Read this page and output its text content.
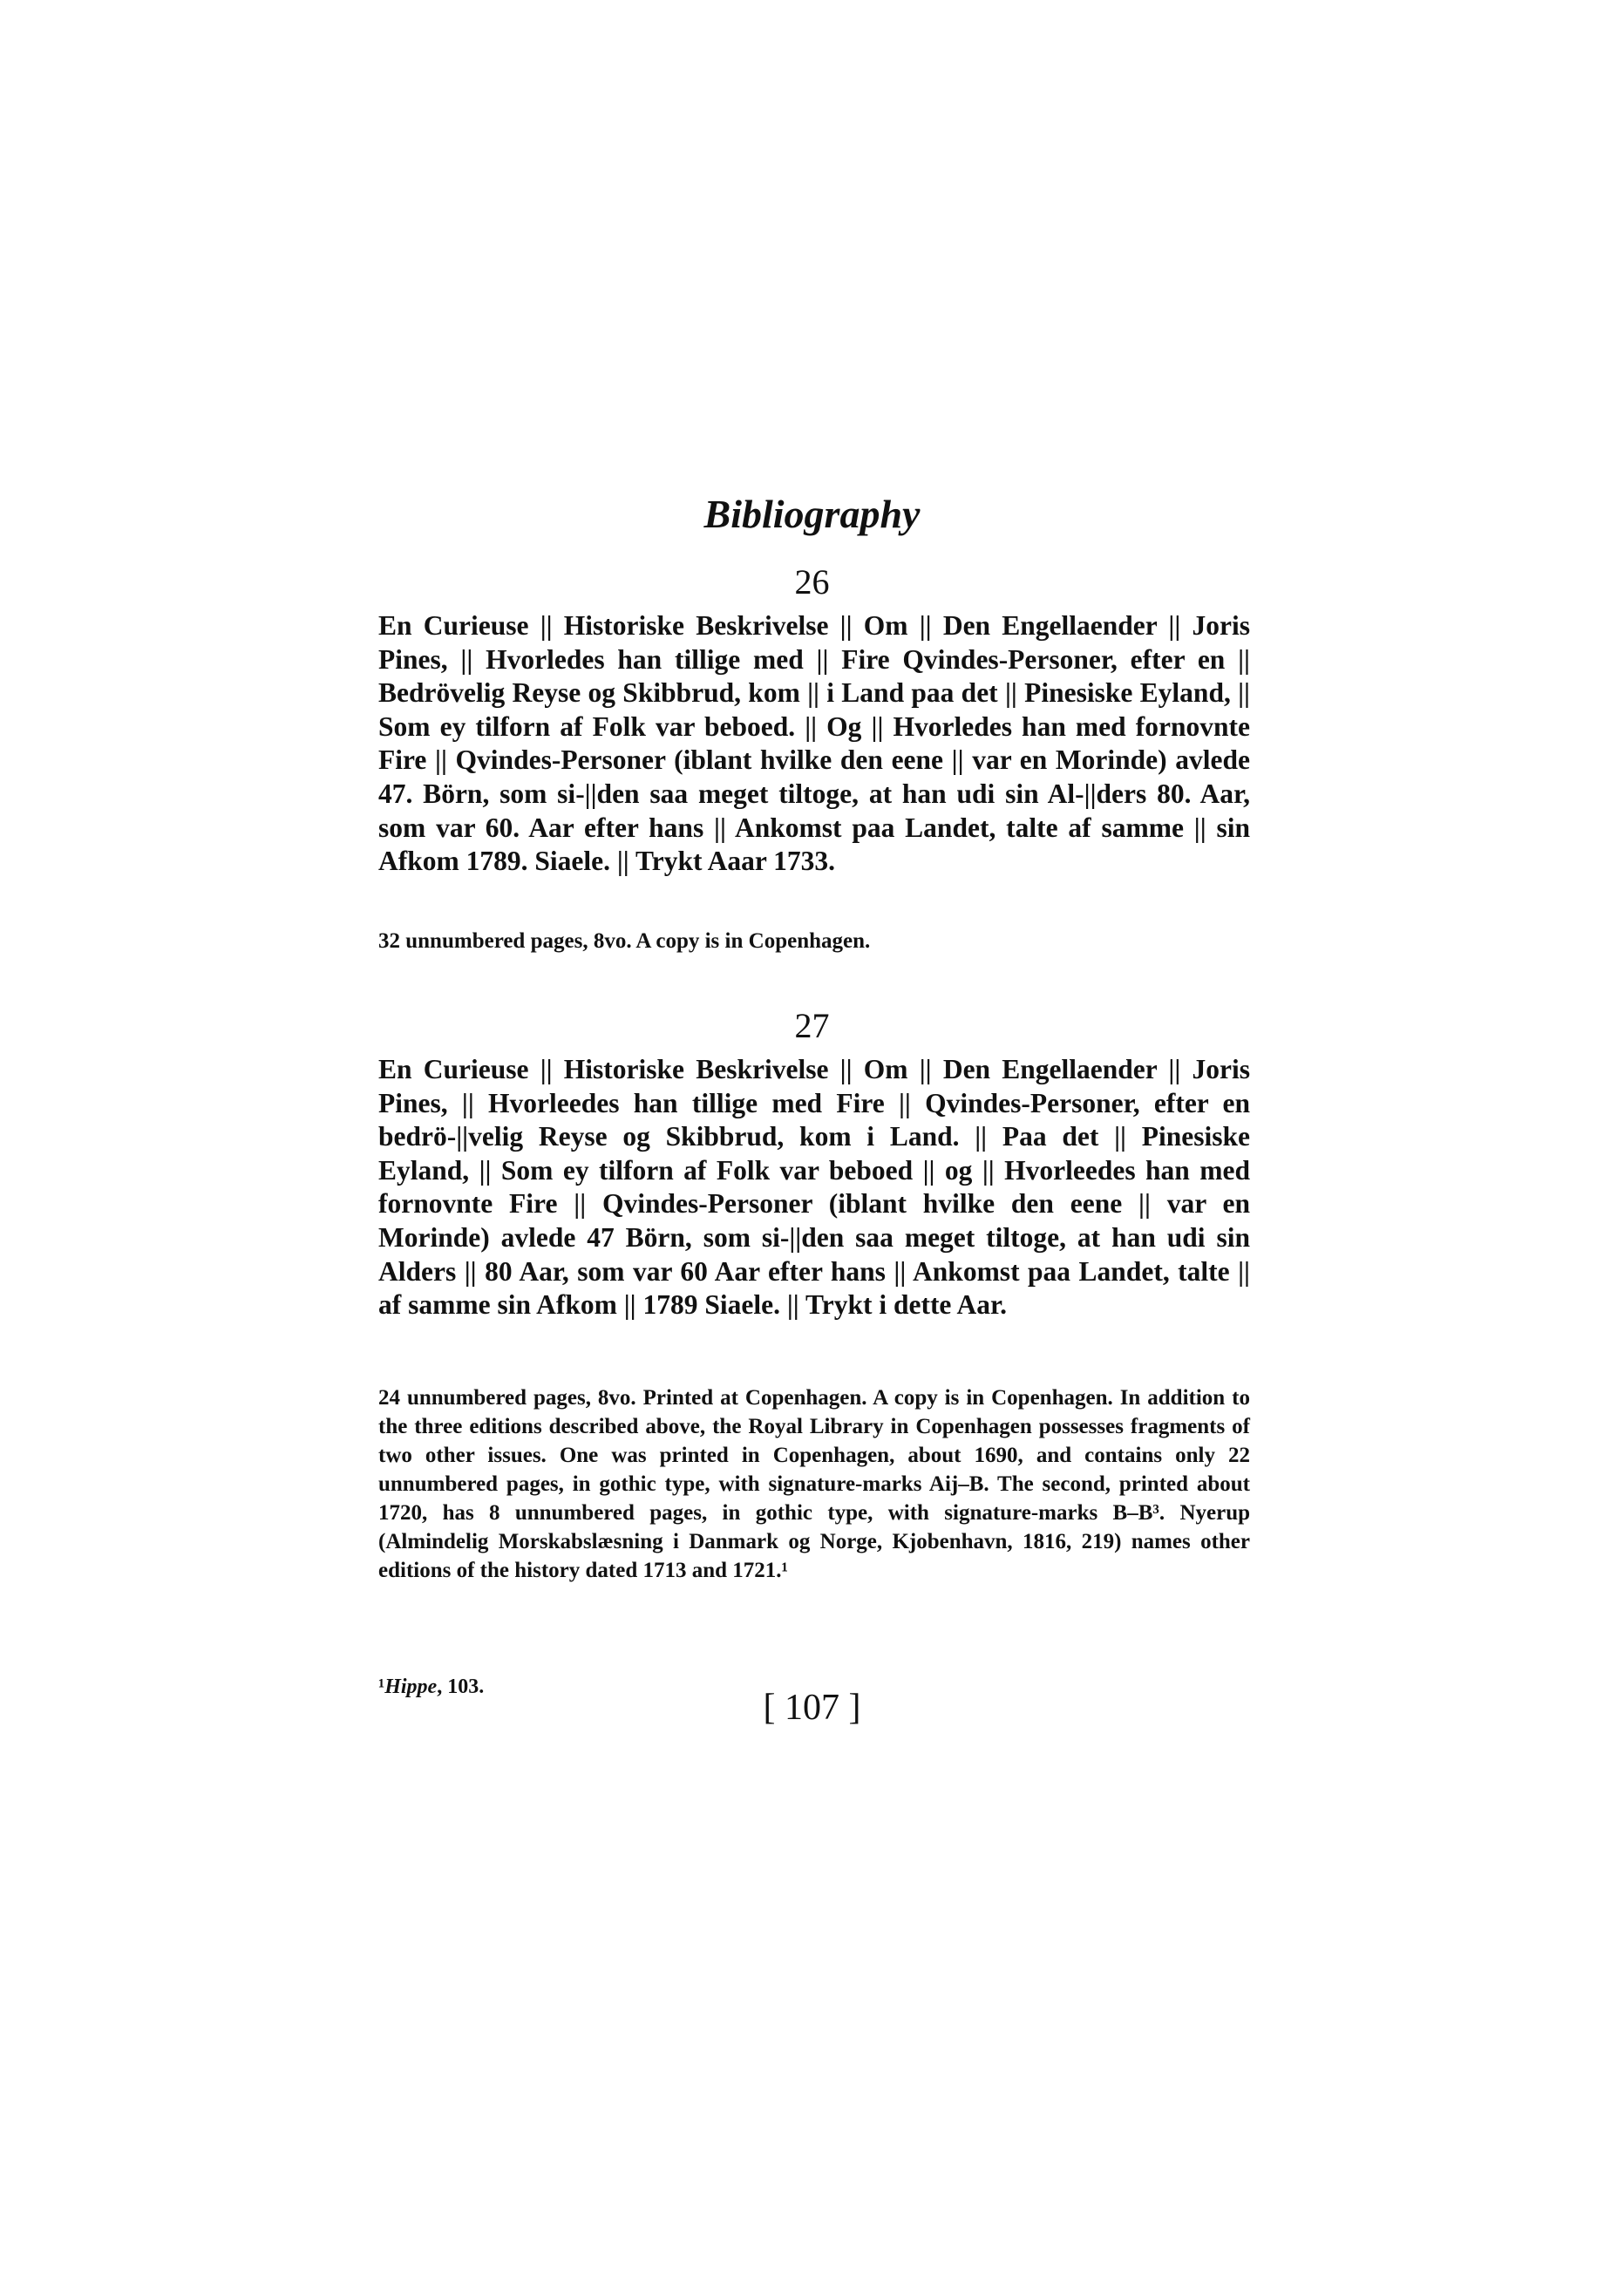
Bibliography
26
En Curieuse || Historiske Beskrivelse || Om || Den Engellaender || Joris Pines, || Hvorledes han tillige med || Fire Qvindes-Personer, efter en || Bedrövelig Reyse og Skibbrud, kom || i Land paa det || Pinesiske Eyland, || Som ey tilforn af Folk var beboed. || Og || Hvorledes han med fornovnte Fire || Qvindes-Personer (iblant hvilke den eene || var en Morinde) avlede 47. Börn, som si-||den saa meget tiltoge, at han udi sin Al-||ders 80. Aar, som var 60. Aar efter hans || Ankomst paa Landet, talte af samme || sin Afkom 1789. Siaele. || Trykt Aaar 1733.
32 unnumbered pages, 8vo. A copy is in Copenhagen.
27
En Curieuse || Historiske Beskrivelse || Om || Den Engellaender || Joris Pines, || Hvorleedes han tillige med Fire || Qvindes-Personer, efter en bedrö-||velig Reyse og Skibbrud, kom i Land. || Paa det || Pinesiske Eyland, || Som ey tilforn af Folk var beboed || og || Hvorleedes han med fornovnte Fire || Qvindes-Personer (iblant hvilke den eene || var en Morinde) avlede 47 Börn, som si-||den saa meget tiltoge, at han udi sin Alders || 80 Aar, som var 60 Aar efter hans || Ankomst paa Landet, talte || af samme sin Afkom || 1789 Siaele. || Trykt i dette Aar.
24 unnumbered pages, 8vo. Printed at Copenhagen. A copy is in Copenhagen. In addition to the three editions described above, the Royal Library in Copenhagen possesses fragments of two other issues. One was printed in Copenhagen, about 1690, and contains only 22 unnumbered pages, in gothic type, with signature-marks Aij–B. The second, printed about 1720, has 8 unnumbered pages, in gothic type, with signature-marks B–B³. Nyerup (Almindelig Morskabslæsning i Danmark og Norge, Kjobenhavn, 1816, 219) names other editions of the history dated 1713 and 1721.¹
¹Hippe, 103.
[ 107 ]
